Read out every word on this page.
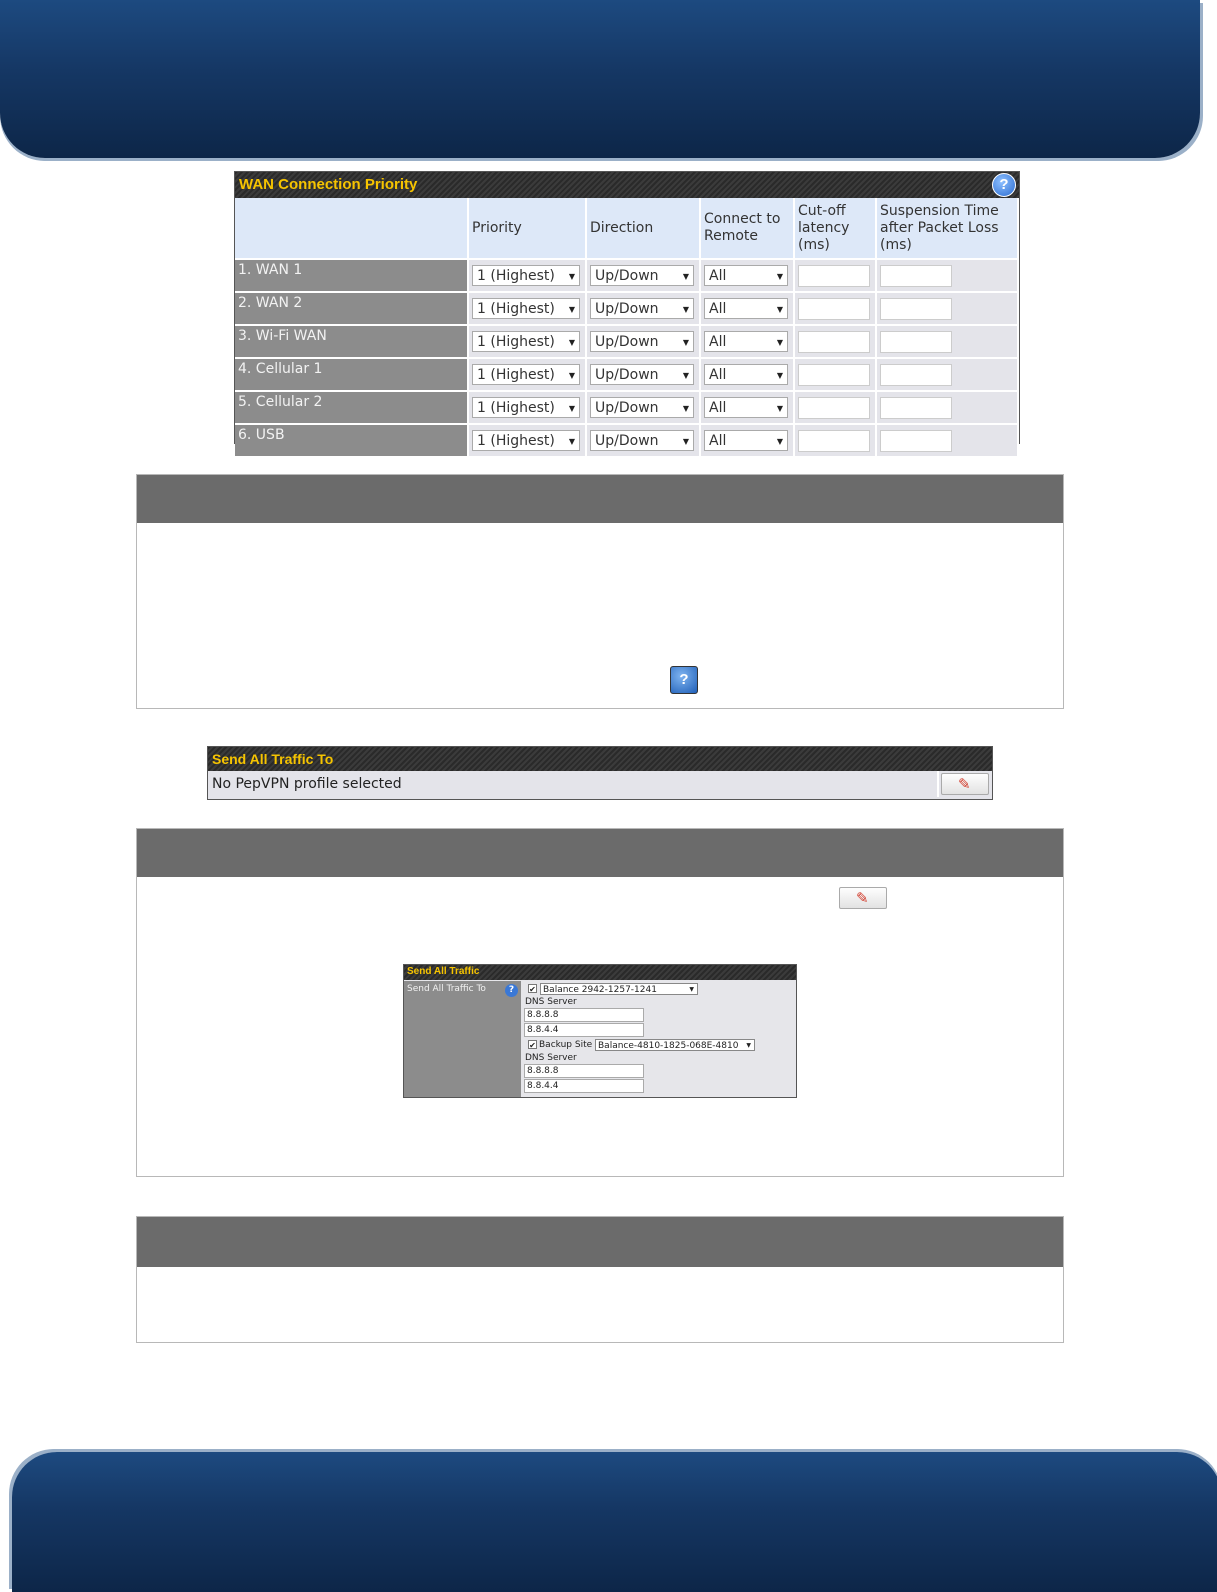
WAN Connection Priority	?
	Priority	Direction	Connect to Remote	Cut-off latency (ms)	Suspension Time after Packet Loss (ms)
1. WAN 1	1 (Highest) ▼	Up/Down ▼	All ▼		
2. WAN 2	1 (Highest) ▼	Up/Down ▼	All ▼		
3. Wi-Fi WAN	1 (Highest) ▼	Up/Down ▼	All ▼		
4. Cellular 1	1 (Highest) ▼	Up/Down ▼	All ▼		
5. Cellular 2	1 (Highest) ▼	Up/Down ▼	All ▼		
6. USB	1 (Highest) ▼	Up/Down ▼	All ▼		
?
Send All Traffic To
No PepVPN profile selected	✎
✎
Send All Traffic
Send All Traffic To	?	✔ Balance 2942-1257-1241 ▼
DNS Server
8.8.8.8
8.8.4.4
✔ Backup Site Balance-4810-1825-068E-4810 ▼
DNS Server
8.8.8.8
8.8.4.4
